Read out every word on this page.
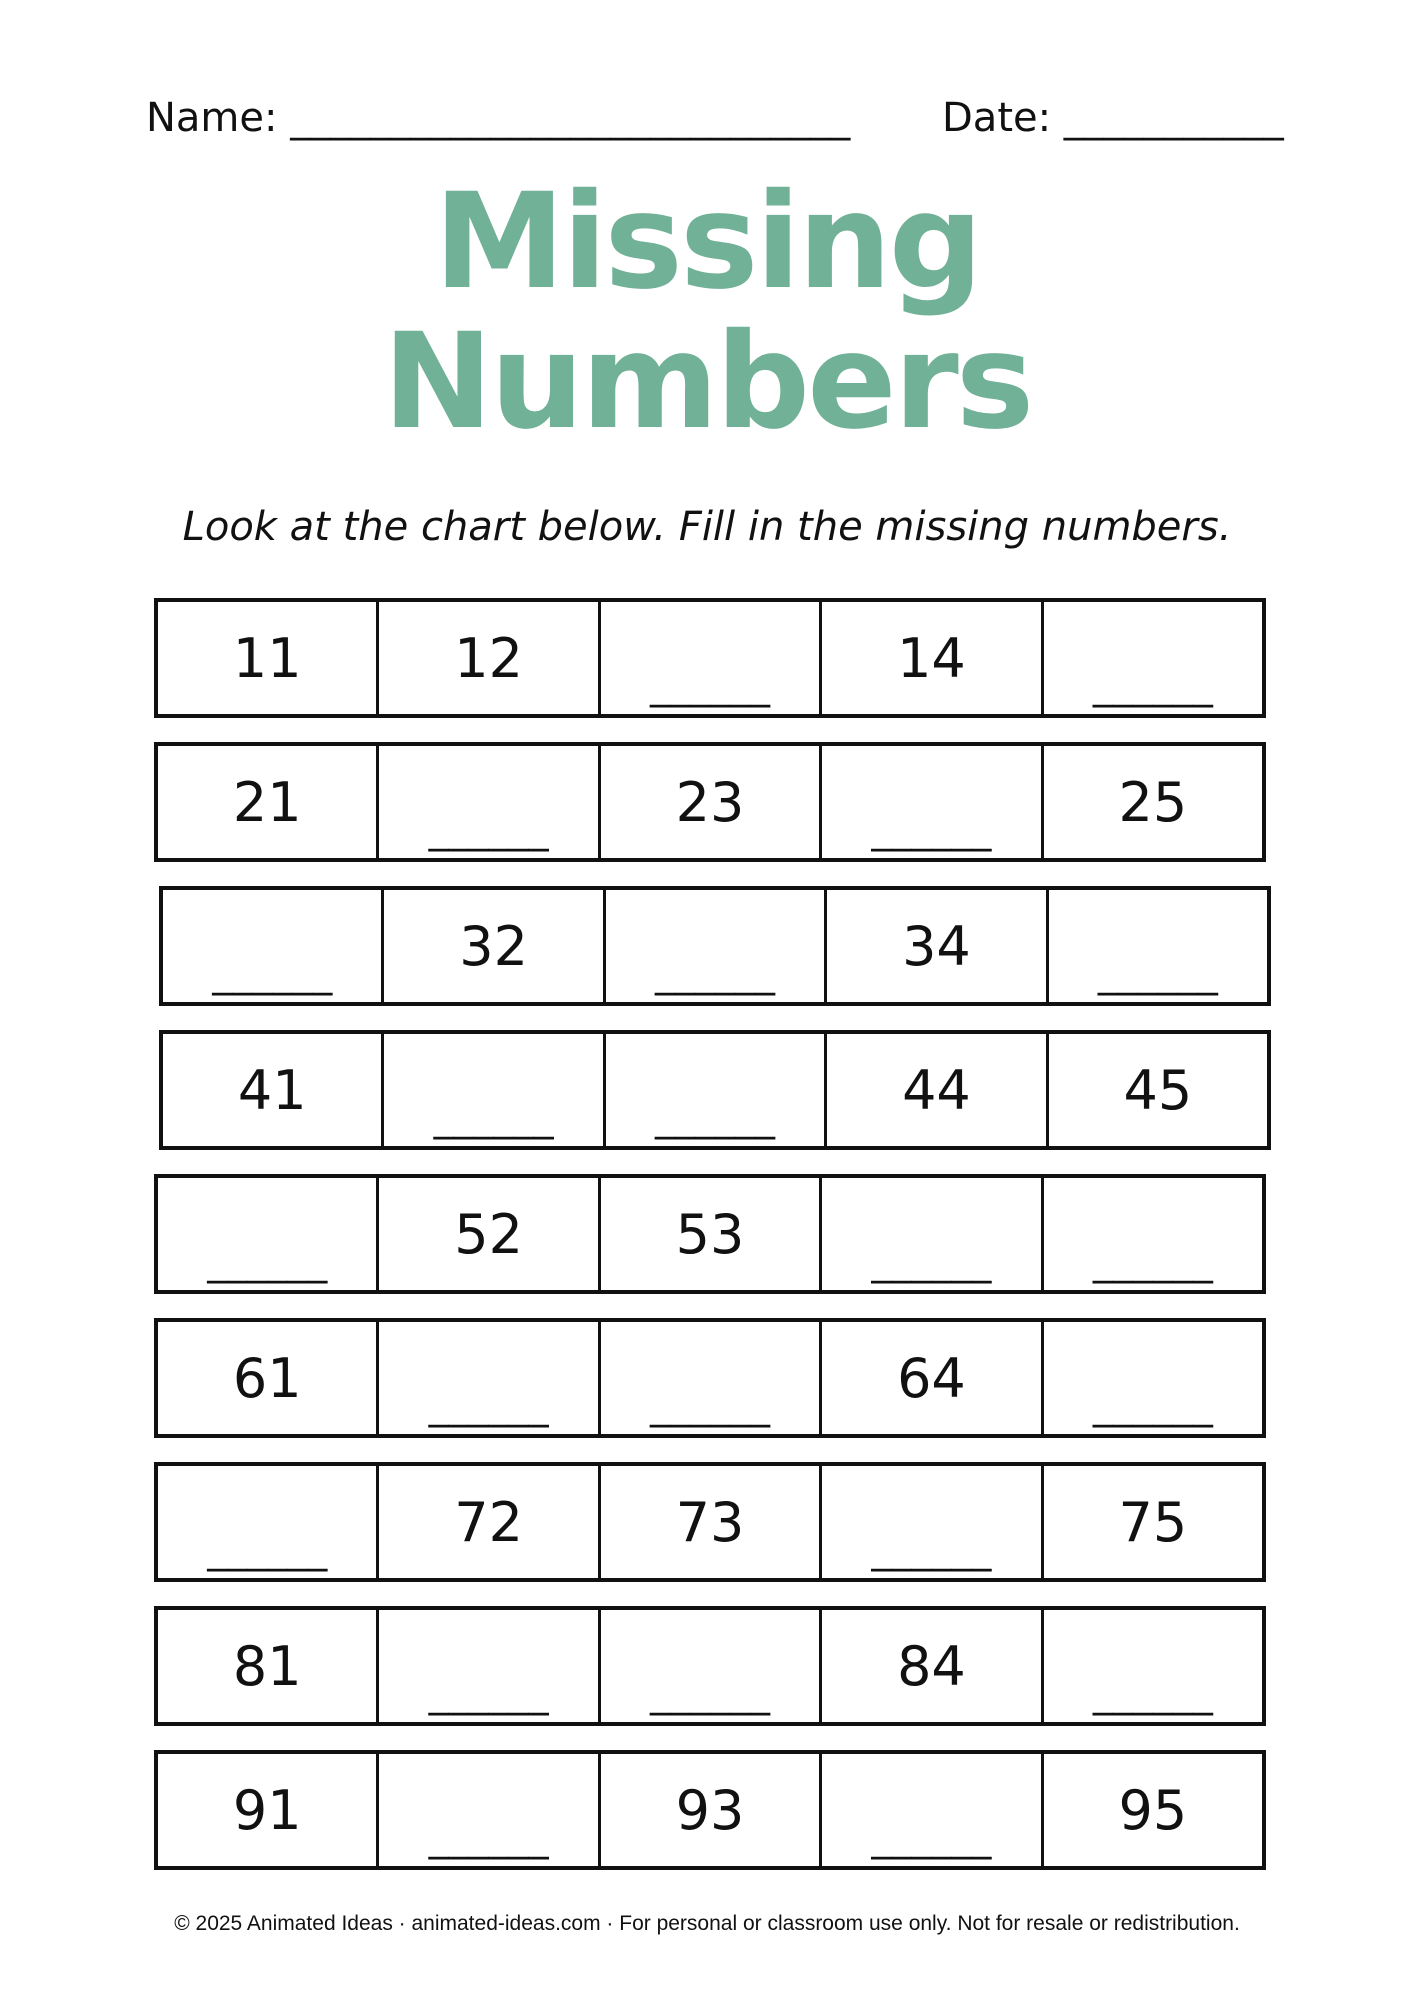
Name: ____________________________ Date: ___________
Missing
Numbers
Look at the chart below. Fill in the missing numbers.
11	12	______	14	______
21	______	23	______	25
______	32	______	34	______
41	______	______	44	45
______	52	53	______	______
61	______	______	64	______
______	72	73	______	75
81	______	______	84	______
91	______	93	______	95
© 2025 Animated Ideas · animated-ideas.com · For personal or classroom use only. Not for resale or redistribution.
